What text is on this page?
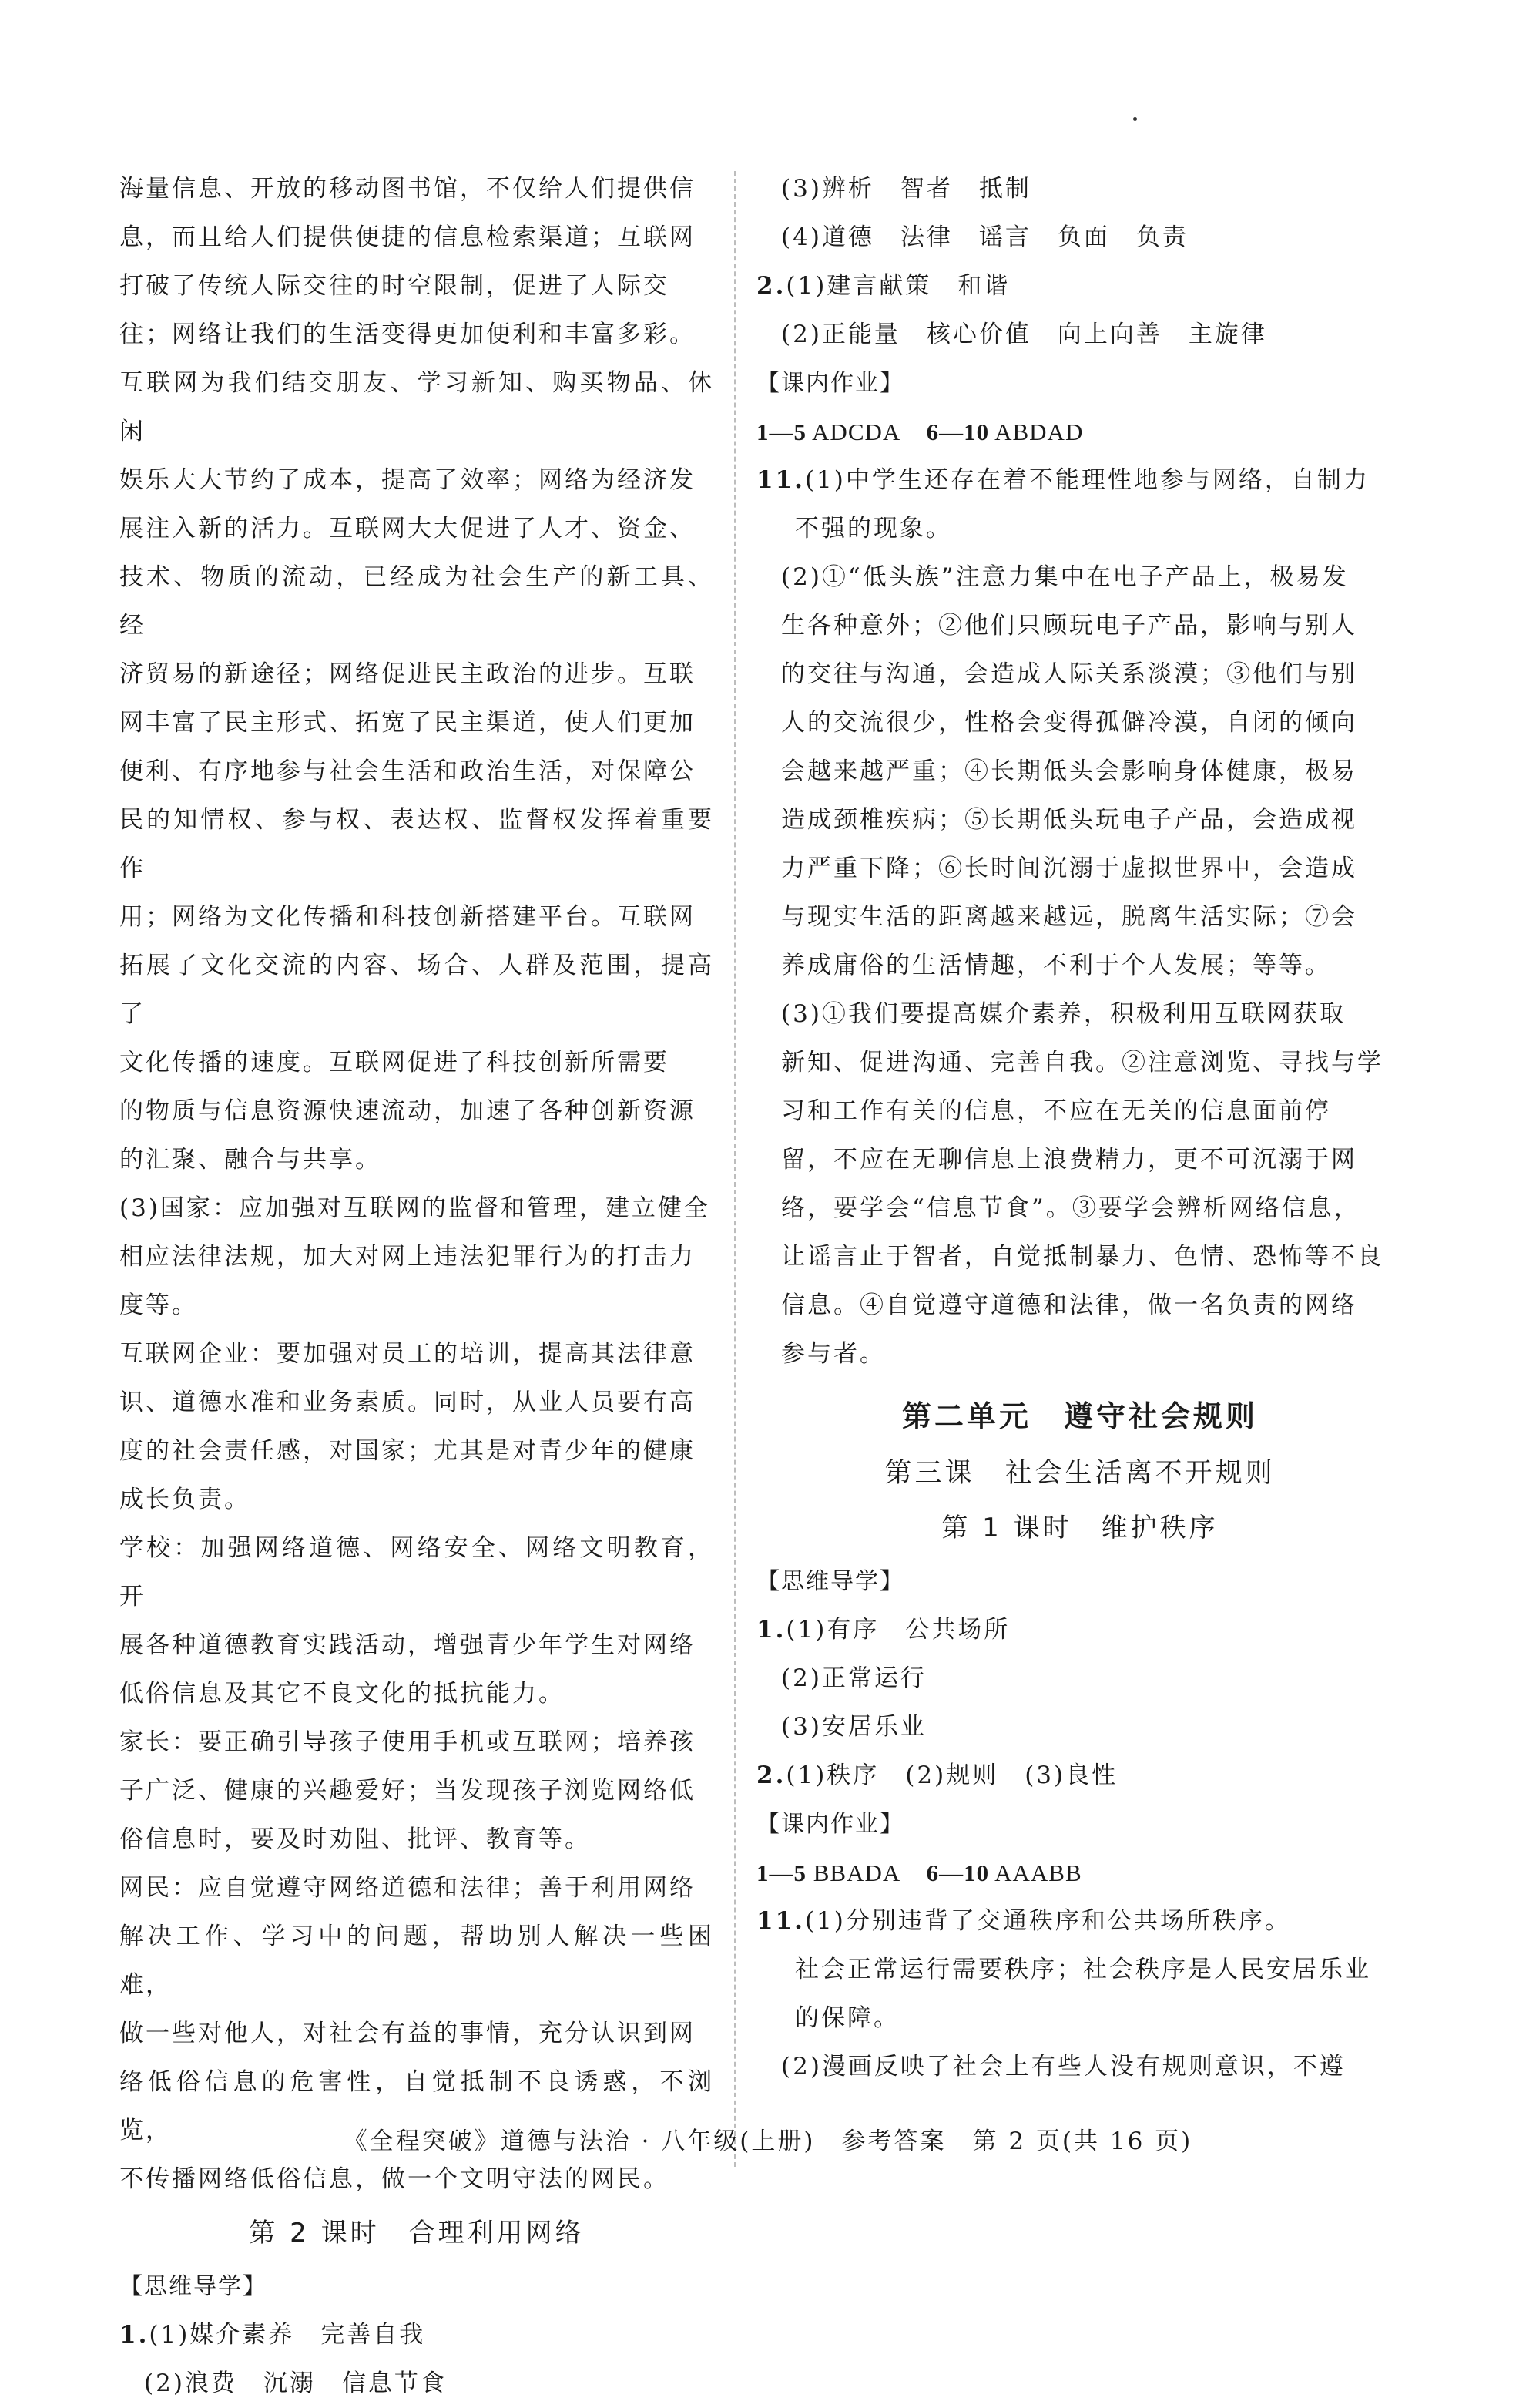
海量信息、开放的移动图书馆，不仅给人们提供信

息，而且给人们提供便捷的信息检索渠道；互联网

打破了传统人际交往的时空限制，促进了人际交

往；网络让我们的生活变得更加便利和丰富多彩。

互联网为我们结交朋友、学习新知、购买物品、休闲

娱乐大大节约了成本，提高了效率；网络为经济发

展注入新的活力。互联网大大促进了人才、资金、

技术、物质的流动，已经成为社会生产的新工具、经

济贸易的新途径；网络促进民主政治的进步。互联

网丰富了民主形式、拓宽了民主渠道，使人们更加

便利、有序地参与社会生活和政治生活，对保障公

民的知情权、参与权、表达权、监督权发挥着重要作

用；网络为文化传播和科技创新搭建平台。互联网

拓展了文化交流的内容、场合、人群及范围，提高了

文化传播的速度。互联网促进了科技创新所需要

的物质与信息资源快速流动，加速了各种创新资源

的汇聚、融合与共享。

(3)国家：应加强对互联网的监督和管理，建立健全

相应法律法规，加大对网上违法犯罪行为的打击力

度等。

互联网企业：要加强对员工的培训，提高其法律意

识、道德水准和业务素质。同时，从业人员要有高

度的社会责任感，对国家；尤其是对青少年的健康

成长负责。

学校：加强网络道德、网络安全、网络文明教育，开

展各种道德教育实践活动，增强青少年学生对网络

低俗信息及其它不良文化的抵抗能力。

家长：要正确引导孩子使用手机或互联网；培养孩

子广泛、健康的兴趣爱好；当发现孩子浏览网络低

俗信息时，要及时劝阻、批评、教育等。

网民：应自觉遵守网络道德和法律；善于利用网络

解决工作、学习中的问题，帮助别人解决一些困难，

做一些对他人，对社会有益的事情，充分认识到网

络低俗信息的危害性，自觉抵制不良诱惑，不浏览，

不传播网络低俗信息，做一个文明守法的网民。

第 2 课时　合理利用网络

【思维导学】

1.(1)媒介素养　完善自我

(2)浪费　沉溺　信息节食

(3)辨析　智者　抵制

(4)道德　法律　谣言　负面　负责

2.(1)建言献策　和谐

(2)正能量　核心价值　向上向善　主旋律

【课内作业】

1—5 ADCDA 6—10 ABDAD

11.(1)中学生还存在着不能理性地参与网络，自制力

不强的现象。

(2)①“低头族”注意力集中在电子产品上，极易发

生各种意外；②他们只顾玩电子产品，影响与别人

的交往与沟通，会造成人际关系淡漠；③他们与别

人的交流很少，性格会变得孤僻冷漠，自闭的倾向

会越来越严重；④长期低头会影响身体健康，极易

造成颈椎疾病；⑤长期低头玩电子产品，会造成视

力严重下降；⑥长时间沉溺于虚拟世界中，会造成

与现实生活的距离越来越远，脱离生活实际；⑦会

养成庸俗的生活情趣，不利于个人发展；等等。

(3)①我们要提高媒介素养，积极利用互联网获取

新知、促进沟通、完善自我。②注意浏览、寻找与学

习和工作有关的信息，不应在无关的信息面前停

留，不应在无聊信息上浪费精力，更不可沉溺于网

络，要学会“信息节食”。③要学会辨析网络信息，

让谣言止于智者，自觉抵制暴力、色情、恐怖等不良

信息。④自觉遵守道德和法律，做一名负责的网络

参与者。

第二单元　遵守社会规则

第三课　社会生活离不开规则

第 1 课时　维护秩序

【思维导学】

1.(1)有序　公共场所

(2)正常运行

(3)安居乐业

2.(1)秩序　(2)规则　(3)良性

【课内作业】

1—5 BBADA 6—10 AAABB

11.(1)分别违背了交通秩序和公共场所秩序。

社会正常运行需要秩序；社会秩序是人民安居乐业

的保障。

(2)漫画反映了社会上有些人没有规则意识，不遵

《全程突破》道德与法治 · 八年级(上册)　参考答案　第 2 页(共 16 页)
